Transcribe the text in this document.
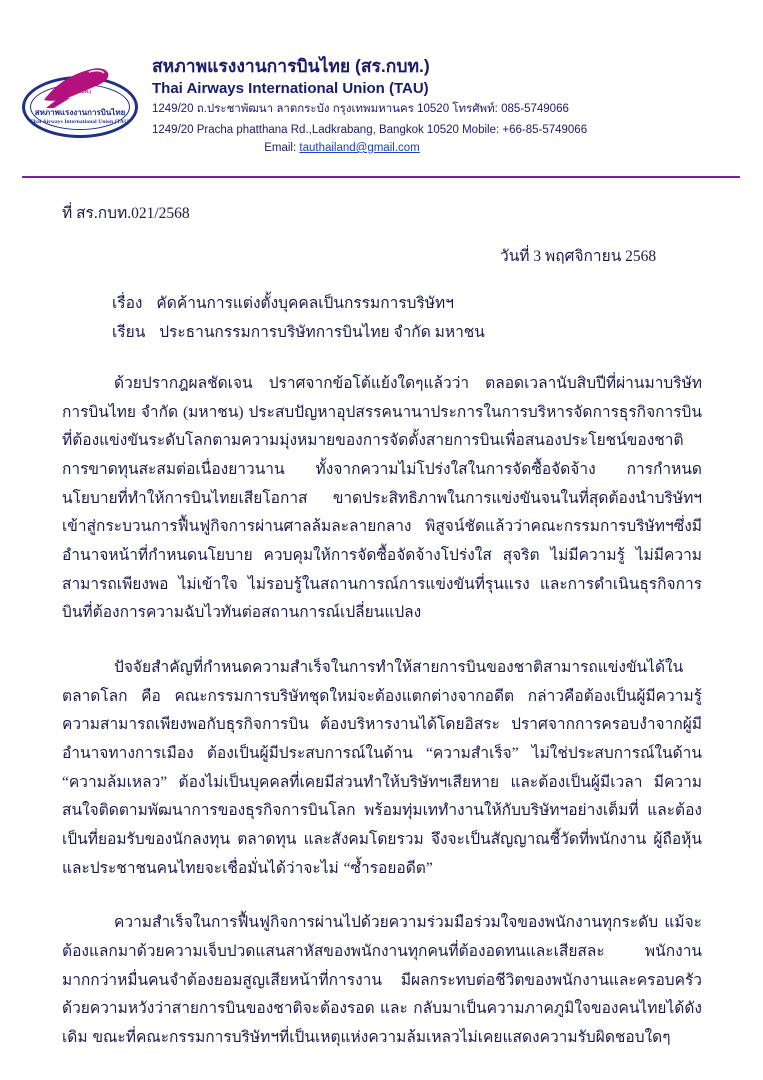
(สร.กบท.)
สหภาพแรงงานการบินไทย
Thai Airways International Union (TAU)
สหภาพแรงงานการบินไทย (สร.กบท.)
Thai Airways International Union (TAU)
1249/20 ถ.ประชาพัฒนา ลาดกระบัง กรุงเทพมหานคร 10520 โทรศัพท์: 085-5749066
1249/20 Pracha phatthana Rd.,Ladkrabang, Bangkok 10520 Mobile: +66-85-5749066
Email: tauthailand@gmail.com
ที่ สร.กบท.021/2568
วันที่ 3 พฤศจิกายน 2568
เรื่อง คัดค้านการแต่งตั้งบุคคลเป็นกรรมการบริษัทฯ
เรียน ประธานกรรมการบริษัทการบินไทย จำกัด มหาชน

ด้วยปรากฎผลชัดเจน ปราศจากข้อโต้แย้งใดๆแล้วว่า ตลอดเวลานับสิบปีที่ผ่านมาบริษัทการบินไทย จำกัด (มหาชน) ประสบปัญหาอุปสรรคนานาประการในการบริหารจัดการธุรกิจการบินที่ต้องแข่งขันระดับโลกตามความมุ่งหมายของการจัดตั้งสายการบินเพื่อสนองประโยชน์ของชาติ การขาดทุนสะสมต่อเนื่องยาวนาน ทั้งจากความไม่โปร่งใสในการจัดซื้อจัดจ้าง การกำหนดนโยบายที่ทำให้การบินไทยเสียโอกาส ขาดประสิทธิภาพในการแข่งขันจนในที่สุดต้องนำบริษัทฯเข้าสู่กระบวนการฟื้นฟูกิจการผ่านศาลล้มละลายกลาง พิสูจน์ชัดแล้วว่าคณะกรรมการบริษัทฯซึ่งมีอำนาจหน้าที่กำหนดนโยบาย ควบคุมให้การจัดซื้อจัดจ้างโปร่งใส สุจริต ไม่มีความรู้ ไม่มีความสามารถเพียงพอ ไม่เข้าใจ ไม่รอบรู้ในสถานการณ์การแข่งขันที่รุนแรง และการดำเนินธุรกิจการบินที่ต้องการความฉับไวทันต่อสถานการณ์เปลี่ยนแปลง

ปัจจัยสำคัญที่กำหนดความสำเร็จในการทำให้สายการบินของชาติสามารถแข่งขันได้ในตลาดโลก คือ คณะกรรมการบริษัทชุดใหม่จะต้องแตกต่างจากอดีต กล่าวคือต้องเป็นผู้มีความรู้ ความสามารถเพียงพอกับธุรกิจการบิน ต้องบริหารงานได้โดยอิสระ ปราศจากการครอบงำจากผู้มีอำนาจทางการเมือง ต้องเป็นผู้มีประสบการณ์ในด้าน “ความสำเร็จ” ไม่ใช่ประสบการณ์ในด้าน “ความล้มเหลว” ต้องไม่เป็นบุคคลที่เคยมีส่วนทำให้บริษัทฯเสียหาย และต้องเป็นผู้มีเวลา มีความสนใจติดตามพัฒนาการของธุรกิจการบินโลก พร้อมทุ่มเททำงานให้กับบริษัทฯอย่างเต็มที่ และต้องเป็นที่ยอมรับของนักลงทุน ตลาดทุน และสังคมโดยรวม จึงจะเป็นสัญญาณชี้วัดที่พนักงาน ผู้ถือหุ้นและประชาชนคนไทยจะเชื่อมั่นได้ว่าจะไม่ “ซ้ำรอยอดีต”

ความสำเร็จในการฟื้นฟูกิจการผ่านไปด้วยความร่วมมือร่วมใจของพนักงานทุกระดับ แม้จะต้องแลกมาด้วยความเจ็บปวดแสนสาหัสของพนักงานทุกคนที่ต้องอดทนและเสียสละ พนักงานมากกว่าหมื่นคนจำต้องยอมสูญเสียหน้าที่การงาน มีผลกระทบต่อชีวิตของพนักงานและครอบครัว ด้วยความหวังว่าสายการบินของชาติจะต้องรอด และ กลับมาเป็นความภาคภูมิใจของคนไทยได้ดังเดิม ขณะที่คณะกรรมการบริษัทฯที่เป็นเหตุแห่งความล้มเหลวไม่เคยแสดงความรับผิดชอบใดๆ
